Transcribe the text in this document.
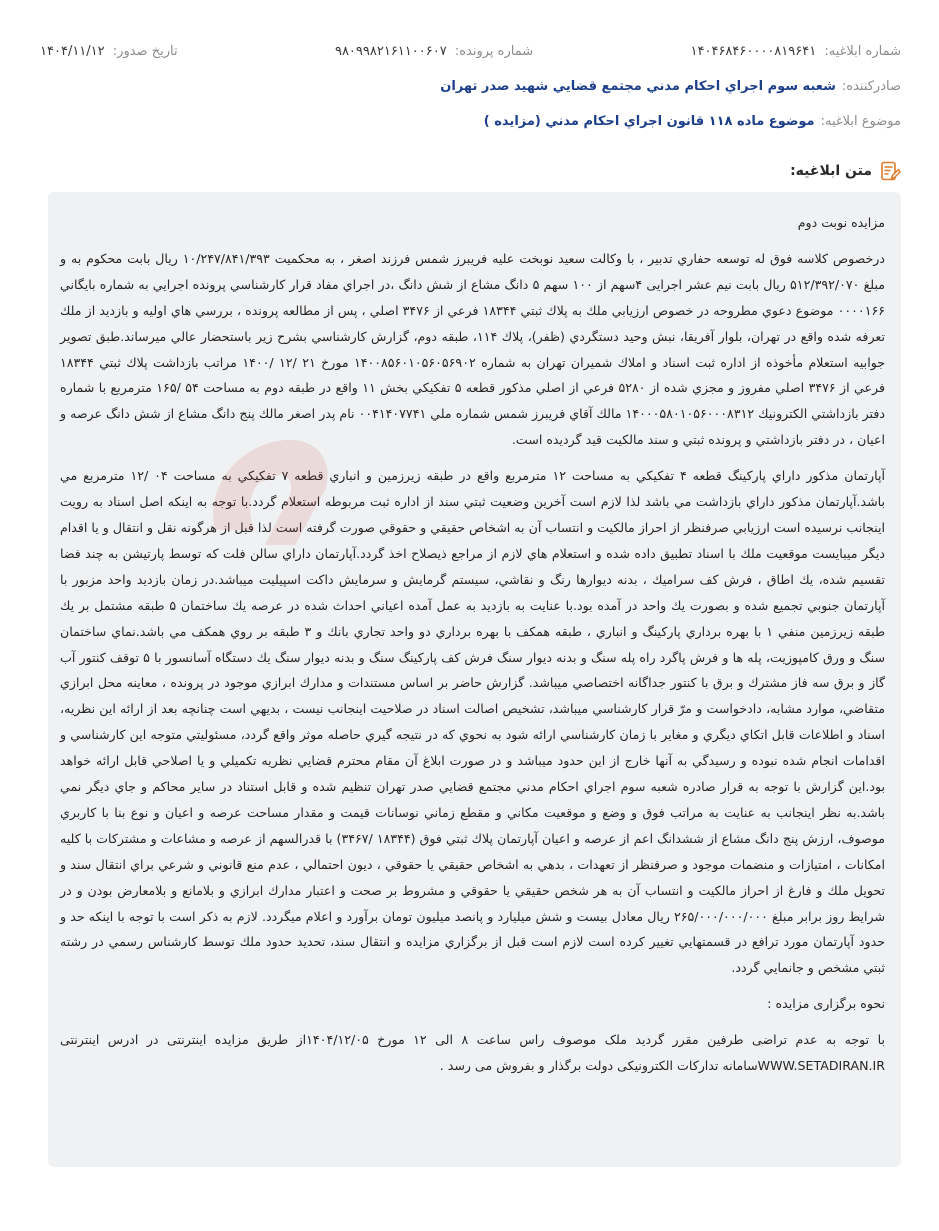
شماره ابلاغیه: ۱۴۰۴۶۸۴۶۰۰۰۰۸۱۹۶۴۱
شماره پرونده: ۹۸۰۹۹۸۲۱۶۱۱۰۰۶۰۷
تاریخ صدور: ۱۴۰۴/۱۱/۱۲
صادرکننده:
شعبه سوم اجراي احكام مدني مجتمع قضايي شهيد صدر تهران
موضوع ابلاغیه:
موضوع ماده ۱۱۸ قانون اجراي احكام مدني (مزايده )
متن ابلاغیه:

مزايده نوبت دوم

درخصوص كلاسه فوق له توسعه حفاري تدبير ، با وكالت سعيد نوبخت عليه فريبرز شمس فرزند اصغر ، به محكميت ۱۰/۲۴۷/۸۴۱/۳۹۳ ريال بابت محكوم به و مبلغ ۵۱۲/۳۹۲/۰۷۰ ريال بابت نيم عشر اجرایی ۴سهم از ۱۰۰ سهم ۵ دانگ مشاع از شش دانگ ،در اجراي مفاد قرار كارشناسي پرونده اجرايي به شماره بايگاني ۰۰۰۰۱۶۶ موضوع دعوي مطروحه در خصوص ارزيابي ملك به پلاك ثبتي ۱۸۳۴۴ فرعي از ۳۴۷۶ اصلي ، پس از مطالعه پرونده ، بررسي هاي اوليه و بازديد از ملك تعرفه شده واقع در تهران، بلوار آفريقا، نبش وحيد دستگردي (ظفر)، پلاك ۱۱۴، طبقه دوم، گزارش كارشناسي بشرح زير باستحضار عالي ميرساند.طبق تصوير جوابيه استعلام مأخوذه از اداره ثبت اسناد و املاك شميران تهران به شماره ۱۴۰۰۸۵۶۰۱۰۵۶۰۵۶۹۰۲ مورخ ۲۱ /۱۲ /۱۴۰۰ مراتب بازداشت پلاك ثبتي ۱۸۳۴۴ فرعي از ۳۴۷۶ اصلي مفروز و مجزي شده از ۵۲۸۰ فرعي از اصلي مذكور قطعه ۵ تفكيكي بخش ۱۱ واقع در طبقه دوم به مساحت ۵۴ /۱۶۵ مترمربع با شماره دفتر بازداشتي الكترونيك ۱۴۰۰۰۵۸۰۱۰۵۶۰۰۰۸۳۱۲ مالك آقاي فريبرز شمس شماره ملي ۰۰۴۱۴۰۷۷۴۱ نام پدر اصغر مالك پنج دانگ مشاع از شش دانگ عرصه و اعيان ، در دفتر بازداشتي و پرونده ثبتي و سند مالكيت قيد گرديده است.

آپارتمان مذكور داراي پاركينگ قطعه ۴ تفكيكي به مساحت ۱۲ مترمربع واقع در طبقه زيرزمين و انباري قطعه ۷ تفكيكي به مساحت ۰۴ /۱۲ مترمربع مي باشد.آپارتمان مذكور داراي بازداشت مي باشد لذا لازم است آخرين وضعيت ثبتي سند از اداره ثبت مربوطه استعلام گردد.با توجه به اينكه اصل اسناد به رويت اينجانب نرسيده است ارزيابي صرفنظر از احراز مالكيت و انتساب آن به اشخاص حقيقي و حقوقي صورت گرفته است لذا قبل از هرگونه نقل و انتقال و يا اقدام ديگر ميبايست موقعيت ملك با اسناد تطبيق داده شده و استعلام هاي لازم از مراجع ذيصلاح اخذ گردد.آپارتمان داراي سالن فلت كه توسط پارتيشن به چند فضا تقسيم شده، يك اطاق ، فرش كف سراميك ، بدنه ديوارها رنگ و نقاشي، سيستم گرمايش و سرمايش داكت اسپيليت ميباشد.در زمان بازديد واحد مزبور با آپارتمان جنوبي تجميع شده و بصورت يك واحد در آمده بود.با عنايت به بازديد به عمل آمده اعياني احداث شده در عرصه يك ساختمان ۵ طبقه مشتمل بر يك طبقه زيرزمين منفي ۱ با بهره برداري پاركينگ و انباري ، طبقه همكف با بهره برداري دو واحد تجاري بانك و ۳ طبقه بر روي همكف مي باشد.نماي ساختمان سنگ و ورق كامپوزيت، پله ها و فرش پاگرد راه پله سنگ و بدنه ديوار سنگ فرش كف پاركينگ سنگ و بدنه ديوار سنگ يك دستگاه آسانسور با ۵ توقف كنتور آب گاز و برق سه فاز مشترك و برق با كنتور جداگانه اختصاصي ميباشد. گزارش حاضر بر اساس مستندات و مدارك ابرازي موجود در پرونده ، معاينه محل ابرازي متقاضي، موارد مشابه، دادخواست و مرّ قرار كارشناسي ميباشد، تشخيص اصالت اسناد در صلاحيت اينجانب نيست ، بديهي است چنانچه بعد از ارائه اين نظريه، اسناد و اطلاعات قابل اتكاي ديگري و مغاير با زمان كارشناسي ارائه شود به نحوي كه در نتيجه گيري حاصله موثر واقع گردد، مسئوليتي متوجه اين كارشناسي و اقدامات انجام شده نبوده و رسيدگي به آنها خارج از اين حدود ميباشد و در صورت ابلاغ آن مقام محترم قضايي نظريه تكميلي و يا اصلاحي قابل ارائه خواهد بود.اين گزارش با توجه به قرار صادره شعبه سوم اجراي احكام مدني مجتمع قضايي صدر تهران تنظيم شده و قابل استناد در ساير محاكم و جاي ديگر نمي باشد.به نظر اينجانب به عنايت به مراتب فوق و وضع و موقعيت مكاني و مقطع زماني نوسانات قيمت و مقدار مساحت عرصه و اعيان و نوع بنا با كاربري موصوف، ارزش پنج دانگ مشاع از ششدانگ اعم از عرصه و اعيان آپارتمان پلاك ثبتي فوق (۱۸۳۴۴ /۳۴۶۷) با قدرالسهم از عرصه و مشاعات و مشتركات با كليه امكانات ، امتيازات و منضمات موجود و صرفنظر از تعهدات ، بدهي به اشخاص حقيقي يا حقوقي ، ديون احتمالي ، عدم منع قانوني و شرعي براي انتقال سند و تحويل ملك و فارغ از احراز مالكيت و انتساب آن به هر شخص حقيقي يا حقوقي و مشروط بر صحت و اعتبار مدارك ابرازي و بلامانع و بلامعارض بودن و در شرايط روز برابر مبلغ ۲۶۵/۰۰۰/۰۰۰/۰۰۰ ريال معادل بيست و شش ميليارد و پانصد ميليون تومان برآورد و اعلام ميگردد. لازم به ذكر است با توجه با اينكه حد و حدود آپارتمان مورد ترافع در قسمتهايي تغيير كرده است لازم است قبل از برگزاري مزايده و انتقال سند، تحديد حدود ملك توسط كارشناس رسمي در رشته ثبتي مشخص و جانمايي گردد.

نحوه برگزاری مزایده :

با توجه به عدم تراضی طرفین مقرر گردید ملک موصوف راس ساعت ۸ الی ۱۲ مورخ ۱۴۰۴/۱۲/۰۵از طریق مزایده اینترنتی در ادرس اینترنتی WWW.SETADIRAN.IRسامانه تدارکات الکترونیکی دولت برگذار و بفروش می رسد .
